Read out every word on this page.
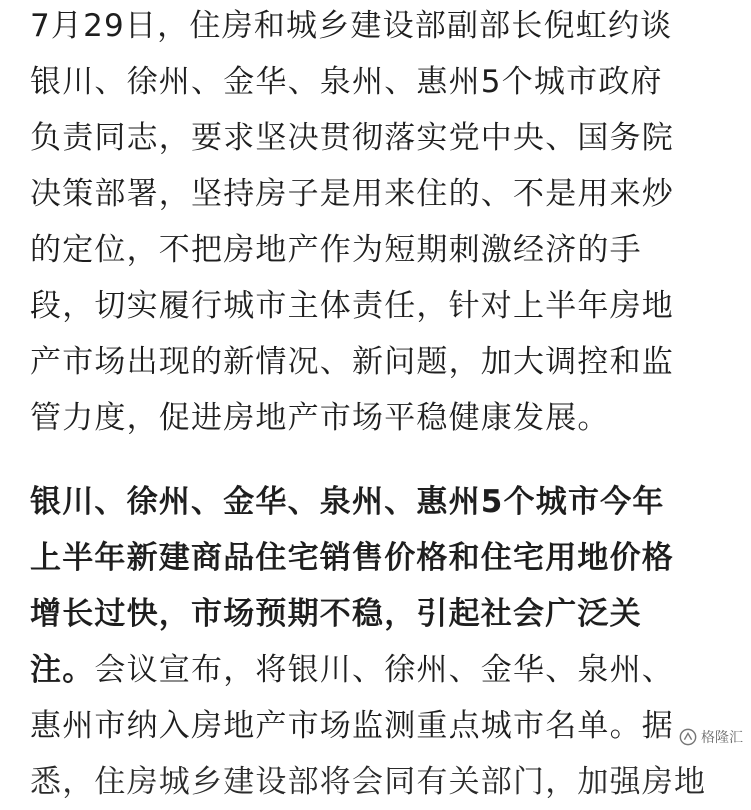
7月29日，住房和城乡建设部副部长倪虹约谈
银川、徐州、金华、泉州、惠州5个城市政府
负责同志，要求坚决贯彻落实党中央、国务院
决策部署，坚持房子是用来住的、不是用来炒
的定位，不把房地产作为短期刺激经济的手
段，切实履行城市主体责任，针对上半年房地
产市场出现的新情况、新问题，加大调控和监
管力度，促进房地产市场平稳健康发展。
银川、徐州、金华、泉州、惠州5个城市今年
上半年新建商品住宅销售价格和住宅用地价格
增长过快，市场预期不稳，引起社会广泛关
注。会议宣布，将银川、徐州、金华、泉州、
惠州市纳入房地产市场监测重点城市名单。据
悉，住房城乡建设部将会同有关部门，加强房地
格隆汇
